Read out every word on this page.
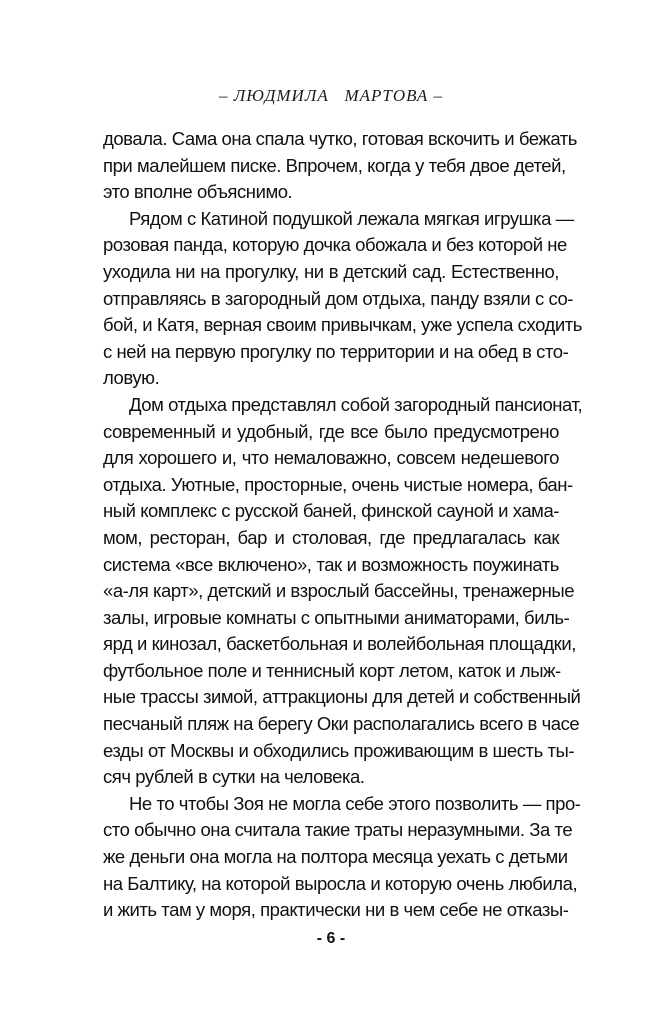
– ЛЮДМИЛА   МАРТОВА –
довала. Сама она спала чутко, готовая вскочить и бежать
при малейшем писке. Впрочем, когда у тебя двое детей,
это вполне объяснимо.
Рядом с Катиной подушкой лежала мягкая игрушка —
розовая панда, которую дочка обожала и без которой не
уходила ни на прогулку, ни в детский сад. Естественно,
отправляясь в загородный дом отдыха, панду взяли с со-
бой, и Катя, верная своим привычкам, уже успела сходить
с ней на первую прогулку по территории и на обед в сто-
ловую.
Дом отдыха представлял собой загородный пансионат,
современный и удобный, где все было предусмотрено
для хорошего и, что немаловажно, совсем недешевого
отдыха. Уютные, просторные, очень чистые номера, бан-
ный комплекс с русской баней, финской сауной и хама-
мом, ресторан, бар и столовая, где предлагалась как
система «все включено», так и возможность поужинать
«а-ля карт», детский и взрослый бассейны, тренажерные
залы, игровые комнаты с опытными аниматорами, биль-
ярд и кинозал, баскетбольная и волейбольная площадки,
футбольное поле и теннисный корт летом, каток и лыж-
ные трассы зимой, аттракционы для детей и собственный
песчаный пляж на берегу Оки располагались всего в часе
езды от Москвы и обходились проживающим в шесть ты-
сяч рублей в сутки на человека.
Не то чтобы Зоя не могла себе этого позволить — про-
сто обычно она считала такие траты неразумными. За те
же деньги она могла на полтора месяца уехать с детьми
на Балтику, на которой выросла и которую очень любила,
и жить там у моря, практически ни в чем себе не отказы-
- 6 -
